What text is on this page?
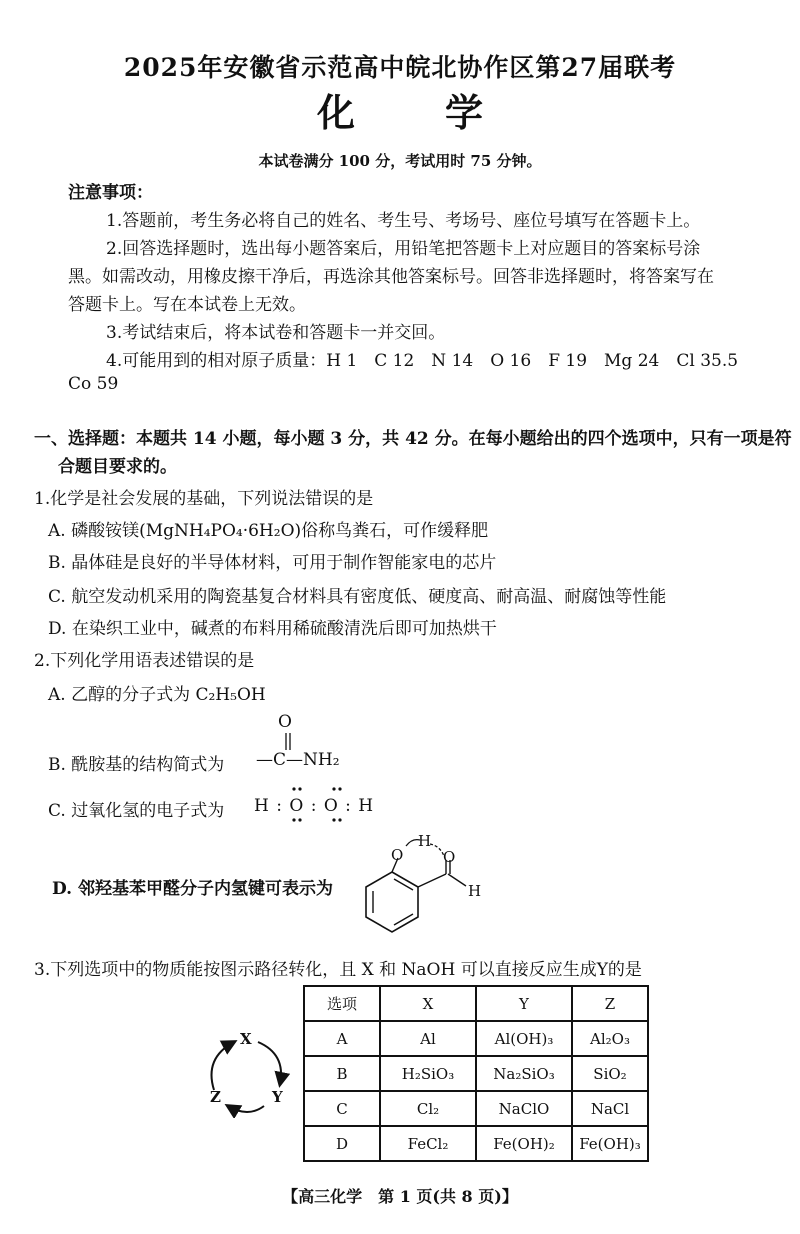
2025年安徽省示范高中皖北协作区第27届联考
化学
本试卷满分 100 分，考试用时 75 分钟。
注意事项：
1.答题前，考生务必将自己的姓名、考生号、考场号、座位号填写在答题卡上。
2.回答选择题时，选出每小题答案后，用铅笔把答题卡上对应题目的答案标号涂
黑。如需改动，用橡皮擦干净后，再选涂其他答案标号。回答非选择题时，将答案写在
答题卡上。写在本试卷上无效。
3.考试结束后，将本试卷和答题卡一并交回。
4.可能用到的相对原子质量：H 1　C 12　N 14　O 16　F 19　Mg 24　Cl 35.5
Co 59
一、选择题：本题共 14 小题，每小题 3 分，共 42 分。在每小题给出的四个选项中，只有一项是符
合题目要求的。
1.化学是社会发展的基础，下列说法错误的是
A. 磷酸铵镁(MgNH₄PO₄·6H₂O)俗称鸟粪石，可作缓释肥
B. 晶体硅是良好的半导体材料，可用于制作智能家电的芯片
C. 航空发动机采用的陶瓷基复合材料具有密度低、硬度高、耐高温、耐腐蚀等性能
D. 在染织工业中，碱煮的布料用稀硫酸清洗后即可加热烘干
2.下列化学用语表述错误的是
A. 乙醇的分子式为 C₂H₅OH
B. 酰胺基的结构简式为
O
—C—NH₂
C. 过氧化氢的电子式为 H : O : O : H
D. 邻羟基苯甲醛分子内氢键可表示为
O
H
O
H
3.下列选项中的物质能按图示路径转化，且 X 和 NaOH 可以直接反应生成Y的是
X
Y
Z
选项	X	Y	Z
A	Al	Al(OH)₃	Al₂O₃
B	H₂SiO₃	Na₂SiO₃	SiO₂
C	Cl₂	NaClO	NaCl
D	FeCl₂	Fe(OH)₂	Fe(OH)₃
【高三化学　第 1 页(共 8 页)】
